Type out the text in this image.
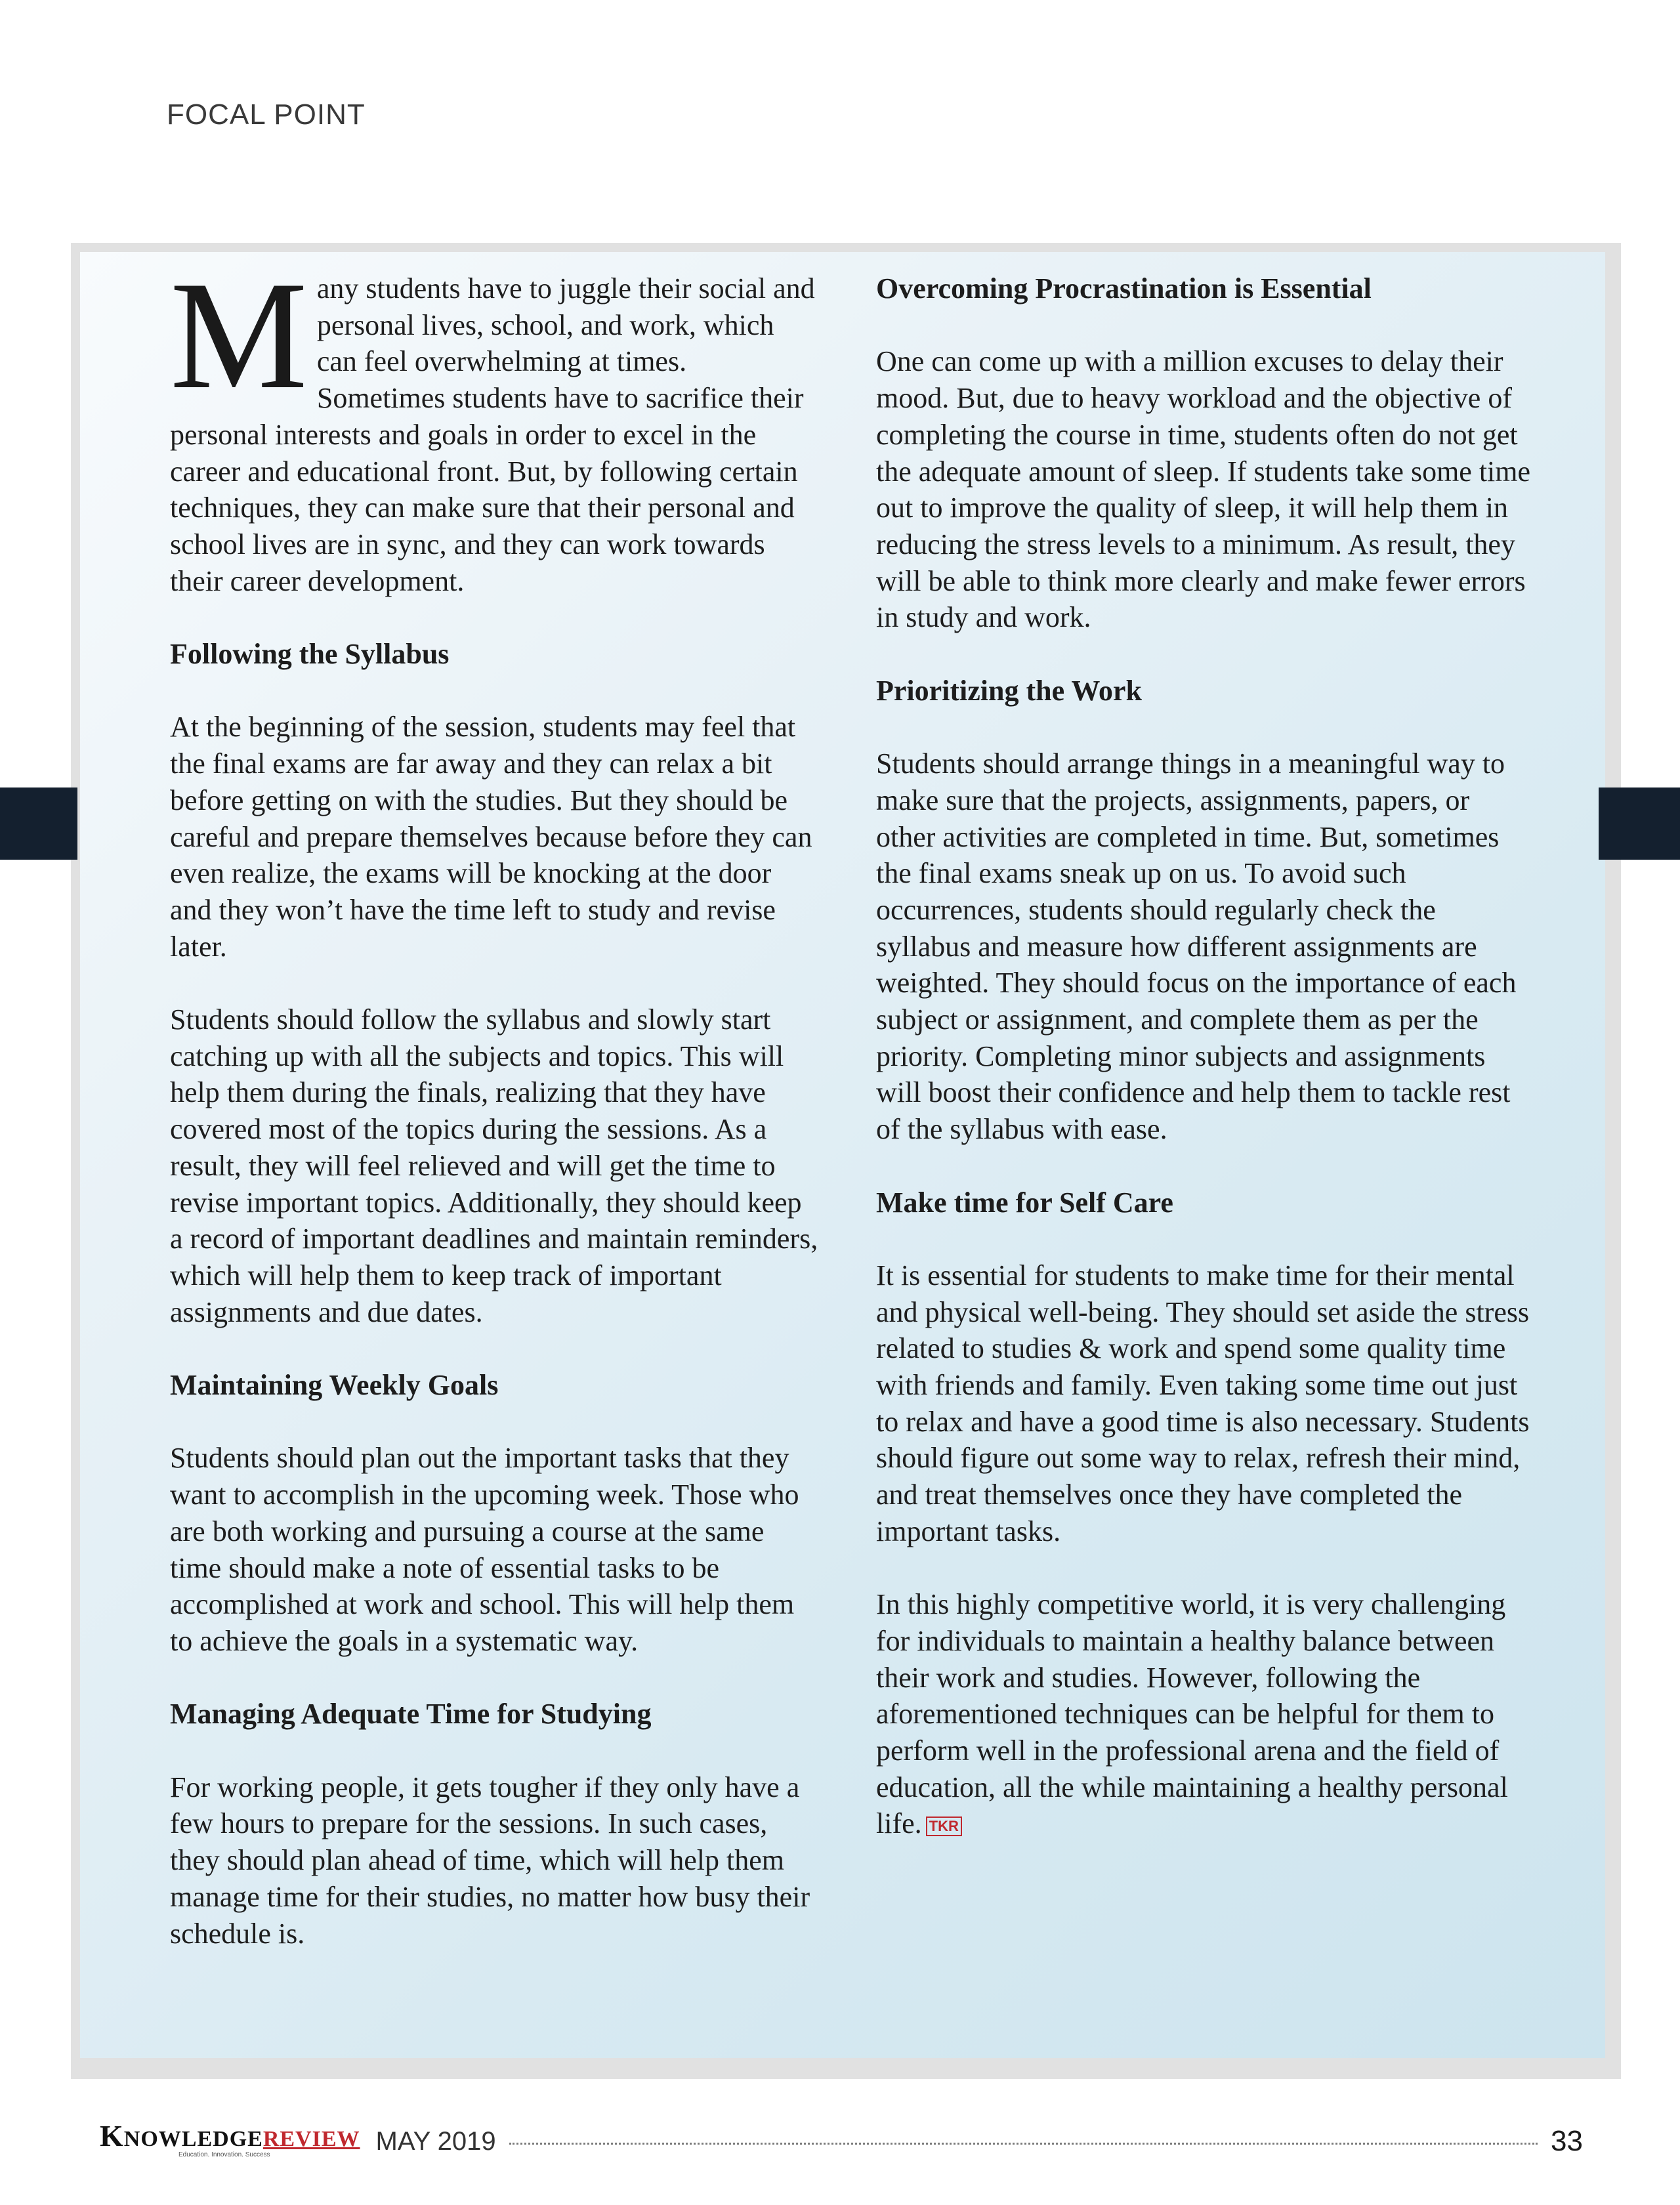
FOCAL POINT

Many students have to juggle their social and personal lives, school, and work, which can feel overwhelming at times. Sometimes students have to sacrifice their personal interests and goals in order to excel in the career and educational front. But, by following certain techniques, they can make sure that their personal and school lives are in sync, and they can work towards their career development.

Following the Syllabus

At the beginning of the session, students may feel that the final exams are far away and they can relax a bit before getting on with the studies. But they should be careful and prepare themselves because before they can even realize, the exams will be knocking at the door and they won’t have the time left to study and revise later.

Students should follow the syllabus and slowly start catching up with all the subjects and topics. This will help them during the finals, realizing that they have covered most of the topics during the sessions. As a result, they will feel relieved and will get the time to revise important topics. Additionally, they should keep a record of important deadlines and maintain reminders, which will help them to keep track of important assignments and due dates.

Maintaining Weekly Goals

Students should plan out the important tasks that they want to accomplish in the upcoming week. Those who are both working and pursuing a course at the same time should make a note of essential tasks to be accomplished at work and school. This will help them to achieve the goals in a systematic way.

Managing Adequate Time for Studying

For working people, it gets tougher if they only have a few hours to prepare for the sessions. In such cases, they should plan ahead of time, which will help them manage time for their studies, no matter how busy their schedule is.

Overcoming Procrastination is Essential

One can come up with a million excuses to delay their mood. But, due to heavy workload and the objective of completing the course in time, students often do not get the adequate amount of sleep. If students take some time out to improve the quality of sleep, it will help them in reducing the stress levels to a minimum. As result, they will be able to think more clearly and make fewer errors in study and work.

Prioritizing the Work

Students should arrange things in a meaningful way to make sure that the projects, assignments, papers, or other activities are completed in time. But, sometimes the final exams sneak up on us. To avoid such occurrences, students should regularly check the syllabus and measure how different assignments are weighted. They should focus on the importance of each subject or assignment, and complete them as per the priority. Completing minor subjects and assignments will boost their confidence and help them to tackle rest of the syllabus with ease.

Make time for Self Care

It is essential for students to make time for their mental and physical well-being. They should set aside the stress related to studies & work and spend some quality time with friends and family. Even taking some time out just to relax and have a good time is also necessary. Students should figure out some way to relax, refresh their mind, and treat themselves once they have completed the important tasks.

In this highly competitive world, it is very challenging for individuals to maintain a healthy balance between their work and studies. However, following the aforementioned techniques can be helpful for them to perform well in the professional arena and the field of education, all the while maintaining a healthy personal life. TKR

KNOWLEDGEREVIEW
Education. Innovation. Success	MAY 2019	33
